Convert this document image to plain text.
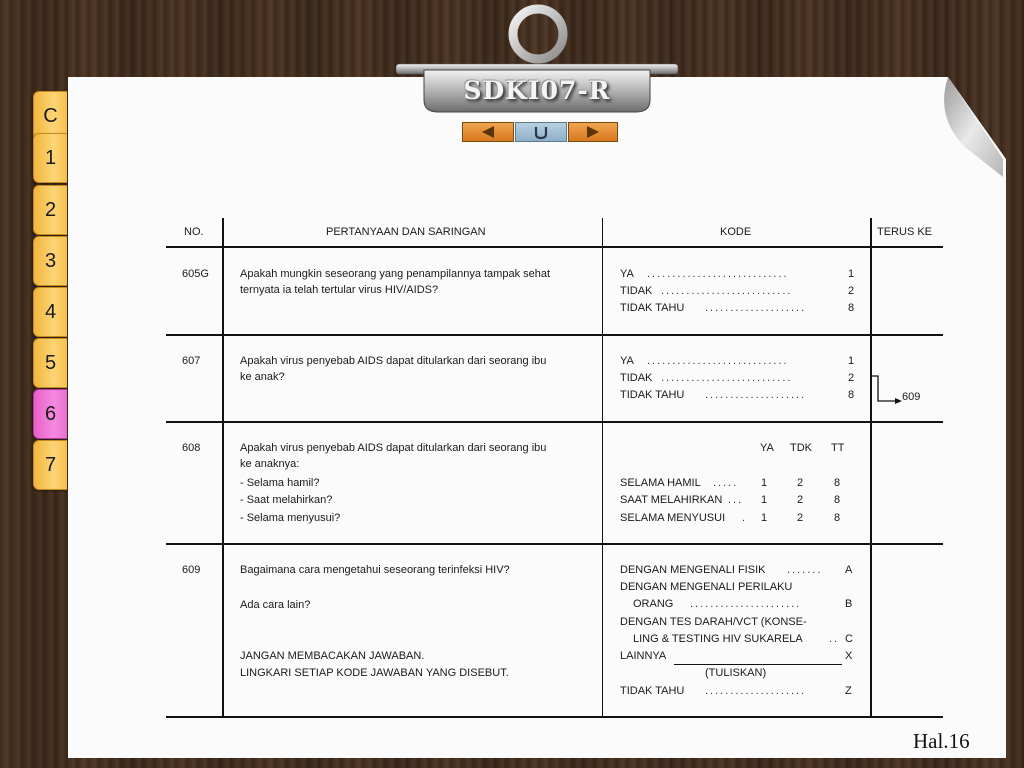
C
1
2
3
4
5
6
7
SDKI07-R
NO.	PERTANYAAN DAN SARINGAN	KODE	TERUS KE
605G	Apakah mungkin seseorang yang penampilannya tampak sehat
ternyata ia telah tertular virus HIV/AIDS?
YA ............................	1
TIDAK ..........................	2
TIDAK TAHU ....................	8
607	Apakah virus penyebab AIDS dapat ditularkan dari seorang ibu
ke anak?
YA ............................	1
TIDAK ..........................	2
TIDAK TAHU ....................	8	609
608	Apakah virus penyebab AIDS dapat ditularkan dari seorang ibu
ke anaknya:
- Selama hamil?
- Saat melahirkan?
- Selama menyusui?
YA TDK TT
SELAMA HAMIL ..... 1	2	8
SAAT MELAHIRKAN ... 1	2	8
SELAMA MENYUSUI . 1	2	8
609	Bagaimana cara mengetahui seseorang terinfeksi HIV?
Ada cara lain?
JANGAN MEMBACAKAN JAWABAN.
LINGKARI SETIAP KODE JAWABAN YANG DISEBUT.
DENGAN MENGENALI FISIK ....... A
DENGAN MENGENALI PERILAKU
ORANG ......................	B
DENGAN TES DARAH/VCT (KONSE-
LING & TESTING HIV SUKARELA .. C
LAINNYA	X
(TULISKAN)
TIDAK TAHU ....................	Z
Hal.16
